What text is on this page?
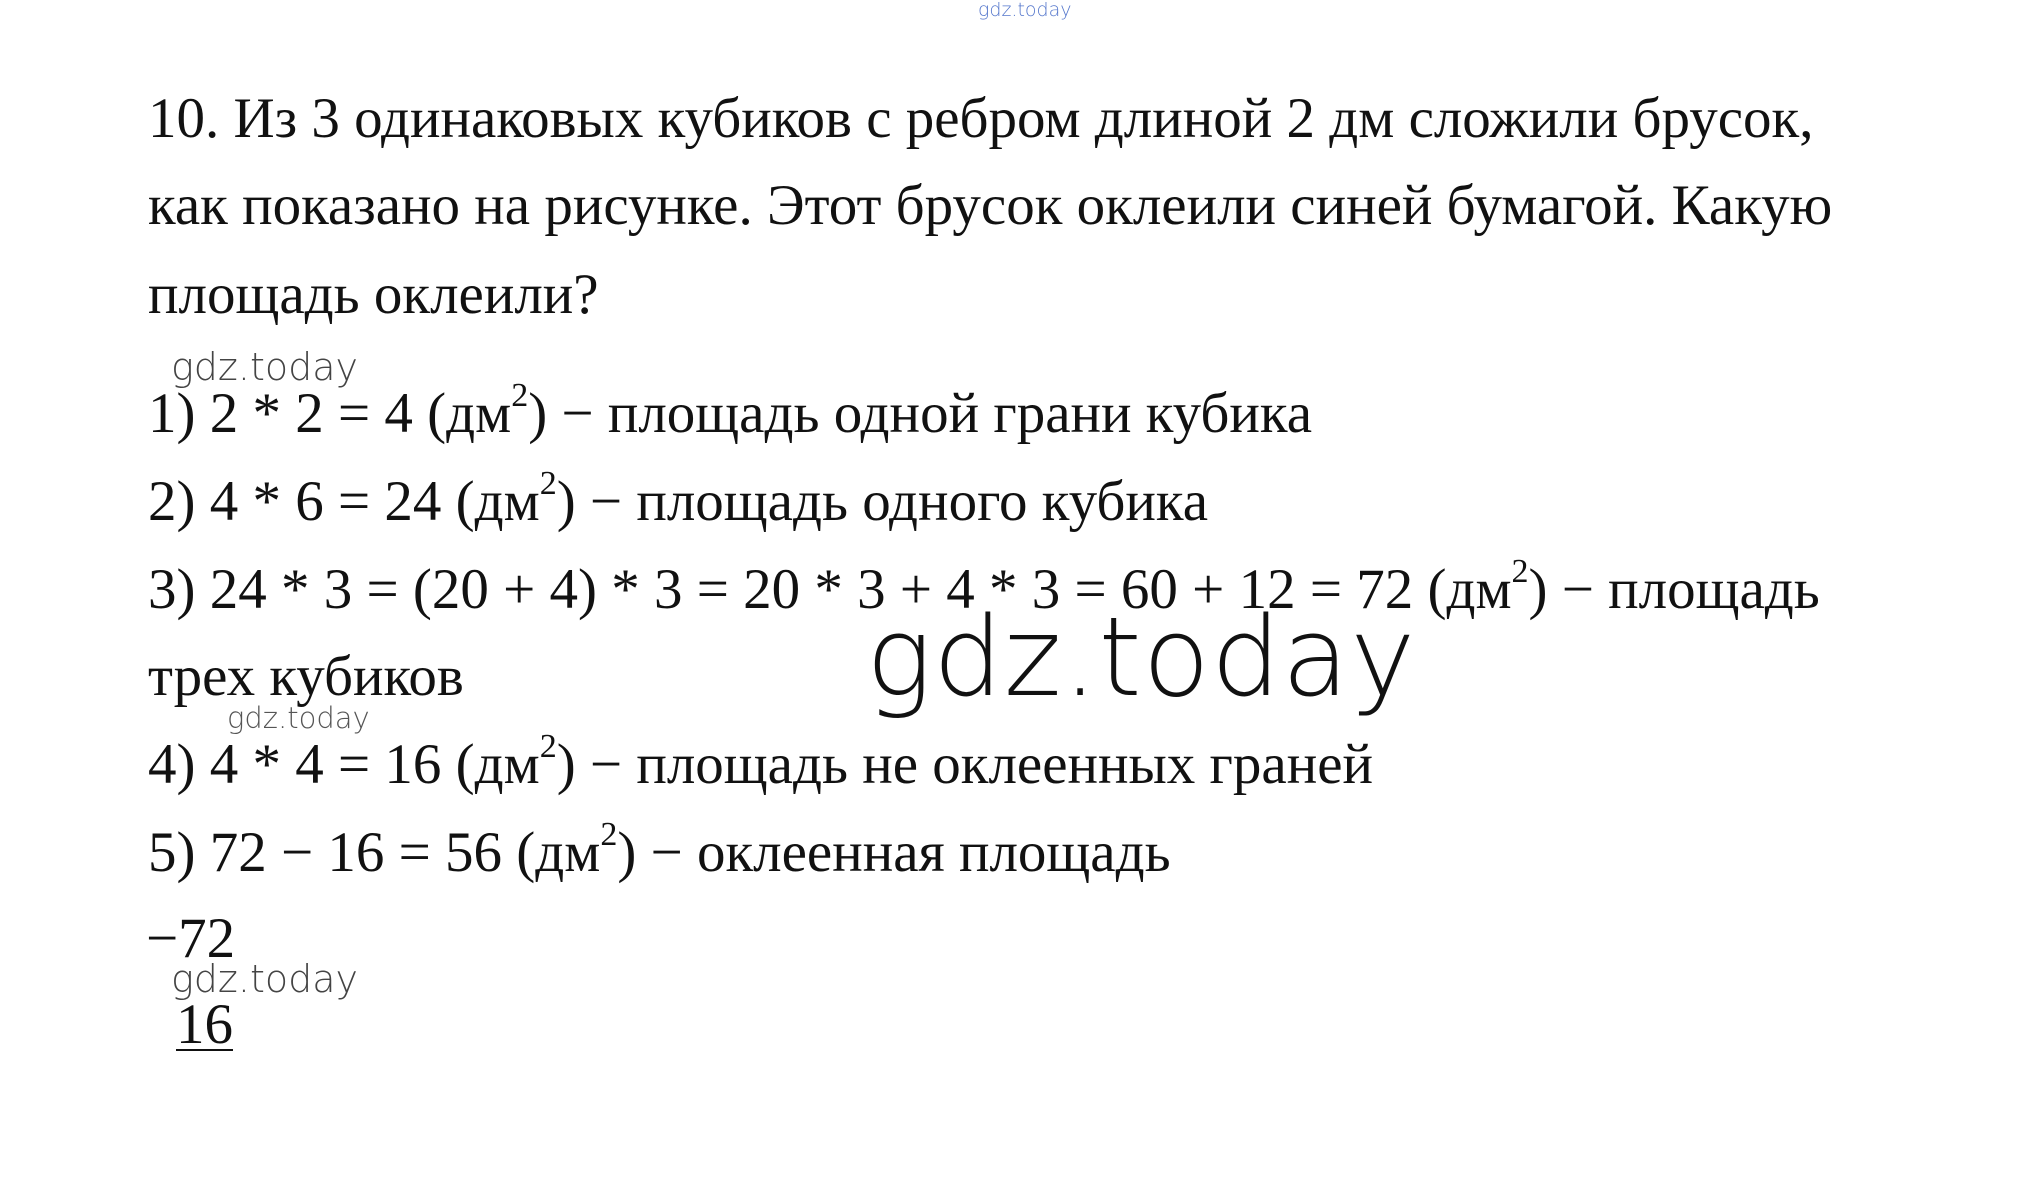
gdz.today
10. Из 3 одинаковых кубиков с ребром длиной 2 дм сложили брусок,
как показано на рисунке. Этот брусок оклеили синей бумагой. Какую
площадь оклеили?
gdz.today
1) 2 * 2 = 4 $(дм^2)$ − площадь одной грани кубика
2) 4 * 6 = 24 $(дм^2)$ − площадь одного кубика
3) 24 * 3 = (20 + 4) * 3 = 20 * 3 + 4 * 3 = 60 + 12 = 72 $(дм^2)$ − площадь
gdz.today
трех кубиков
gdz.today
4) 4 * 4 = 16 $(дм^2)$ − площадь не оклеенных граней
5) 72 − 16 = 56 $(дм^2)$ − оклеенная площадь
−72
gdz.today
16
